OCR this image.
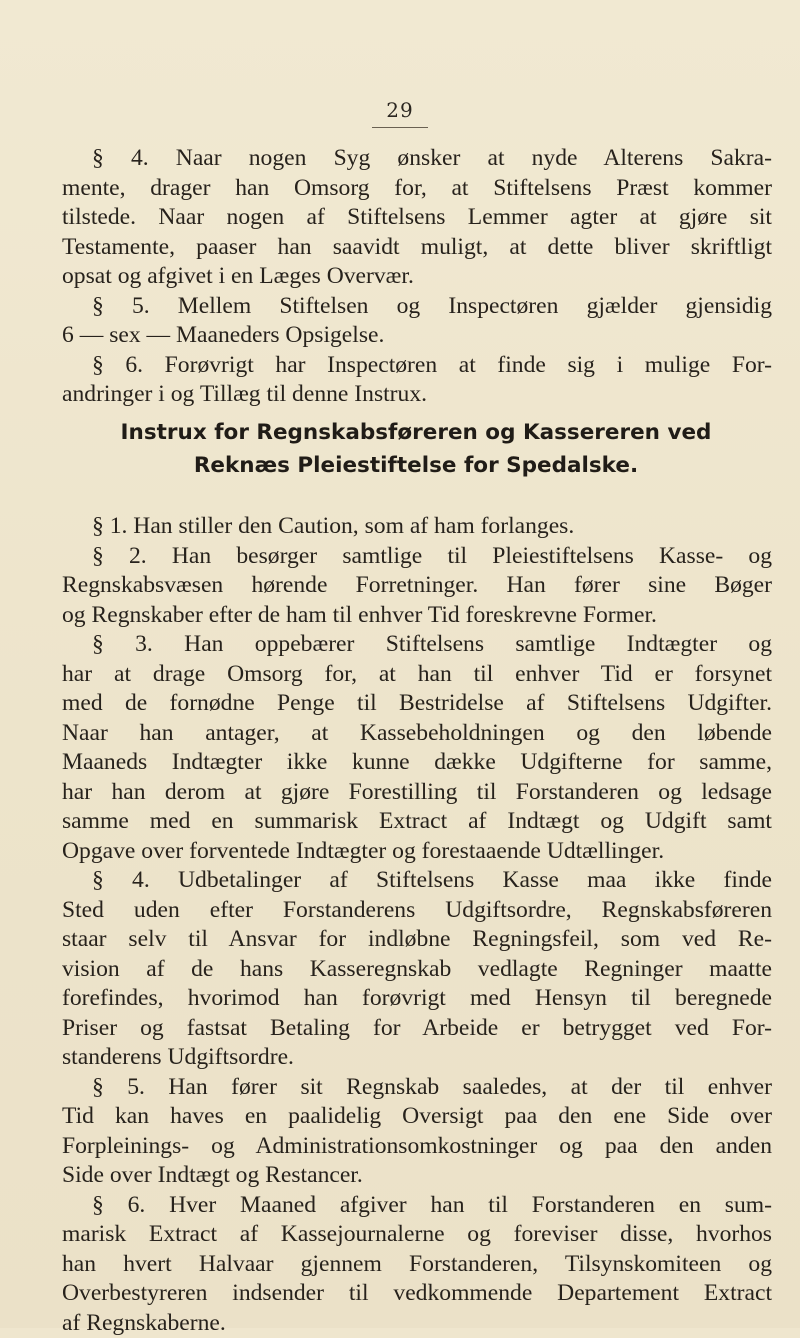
29
§ 4. Naar nogen Syg ønsker at nyde Alterens Sakra-
mente, drager han Omsorg for, at Stiftelsens Præst kommer
tilstede. Naar nogen af Stiftelsens Lemmer agter at gjøre sit
Testamente, paaser han saavidt muligt, at dette bliver skriftligt
opsat og afgivet i en Læges Overvær.
§ 5. Mellem Stiftelsen og Inspectøren gjælder gjensidig
6 — sex — Maaneders Opsigelse.
§ 6. Forøvrigt har Inspectøren at finde sig i mulige For-
andringer i og Tillæg til denne Instrux.
Instrux for Regnskabsføreren og Kassereren ved
Reknæs Pleiestiftelse for Spedalske.
§ 1. Han stiller den Caution, som af ham forlanges.
§ 2. Han besørger samtlige til Pleiestiftelsens Kasse- og
Regnskabsvæsen hørende Forretninger. Han fører sine Bøger
og Regnskaber efter de ham til enhver Tid foreskrevne Former.
§ 3. Han oppebærer Stiftelsens samtlige Indtægter og
har at drage Omsorg for, at han til enhver Tid er forsynet
med de fornødne Penge til Bestridelse af Stiftelsens Udgifter.
Naar han antager, at Kassebeholdningen og den løbende
Maaneds Indtægter ikke kunne dække Udgifterne for samme,
har han derom at gjøre Forestilling til Forstanderen og ledsage
samme med en summarisk Extract af Indtægt og Udgift samt
Opgave over forventede Indtægter og forestaaende Udtællinger.
§ 4. Udbetalinger af Stiftelsens Kasse maa ikke finde
Sted uden efter Forstanderens Udgiftsordre, Regnskabsføreren
staar selv til Ansvar for indløbne Regningsfeil, som ved Re-
vision af de hans Kasseregnskab vedlagte Regninger maatte
forefindes, hvorimod han forøvrigt med Hensyn til beregnede
Priser og fastsat Betaling for Arbeide er betrygget ved For-
standerens Udgiftsordre.
§ 5. Han fører sit Regnskab saaledes, at der til enhver
Tid kan haves en paalidelig Oversigt paa den ene Side over
Forpleinings- og Administrationsomkostninger og paa den anden
Side over Indtægt og Restancer.
§ 6. Hver Maaned afgiver han til Forstanderen en sum-
marisk Extract af Kassejournalerne og foreviser disse, hvorhos
han hvert Halvaar gjennem Forstanderen, Tilsynskomiteen og
Overbestyreren indsender til vedkommende Departement Extract
af Regnskaberne.
